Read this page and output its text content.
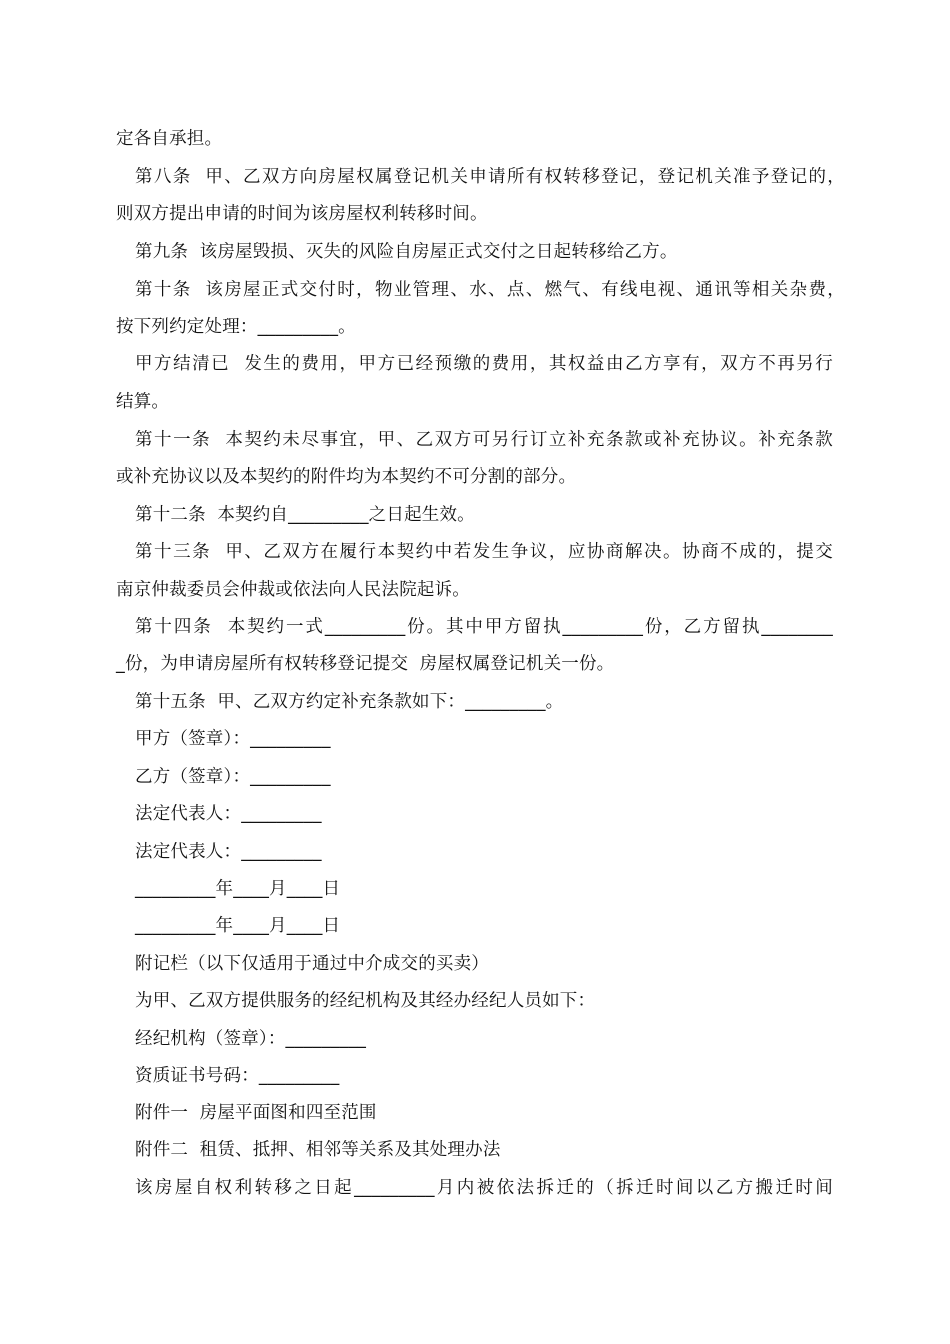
定各自承担。
第八条  甲、乙双方向房屋权属登记机关申请所有权转移登记，登记机关准予登记的，
则双方提出申请的时间为该房屋权利转移时间。
第九条  该房屋毁损、灭失的风险自房屋正式交付之日起转移给乙方。
第十条  该房屋正式交付时，物业管理、水、点、燃气、有线电视、通讯等相关杂费，
按下列约定处理：_________。
甲方结清已  发生的费用，甲方已经预缴的费用，其权益由乙方享有，双方不再另行
结算。
第十一条  本契约未尽事宜，甲、乙双方可另行订立补充条款或补充协议。补充条款
或补充协议以及本契约的附件均为本契约不可分割的部分。
第十二条  本契约自_________之日起生效。
第十三条  甲、乙双方在履行本契约中若发生争议，应协商解决。协商不成的，提交
南京仲裁委员会仲裁或依法向人民法院起诉。
第十四条  本契约一式_________份。其中甲方留执_________份，乙方留执________
_份，为申请房屋所有权转移登记提交  房屋权属登记机关一份。
第十五条  甲、乙双方约定补充条款如下：_________。
甲方（签章）：_________
乙方（签章）：_________
法定代表人：_________
法定代表人：_________
_________年____月____日
_________年____月____日
附记栏（以下仅适用于通过中介成交的买卖）
为甲、乙双方提供服务的经纪机构及其经办经纪人员如下：
经纪机构（签章）：_________
资质证书号码：_________
附件一  房屋平面图和四至范围
附件二  租赁、抵押、相邻等关系及其处理办法
该房屋自权利转移之日起_________月内被依法拆迁的（拆迁时间以乙方搬迁时间
